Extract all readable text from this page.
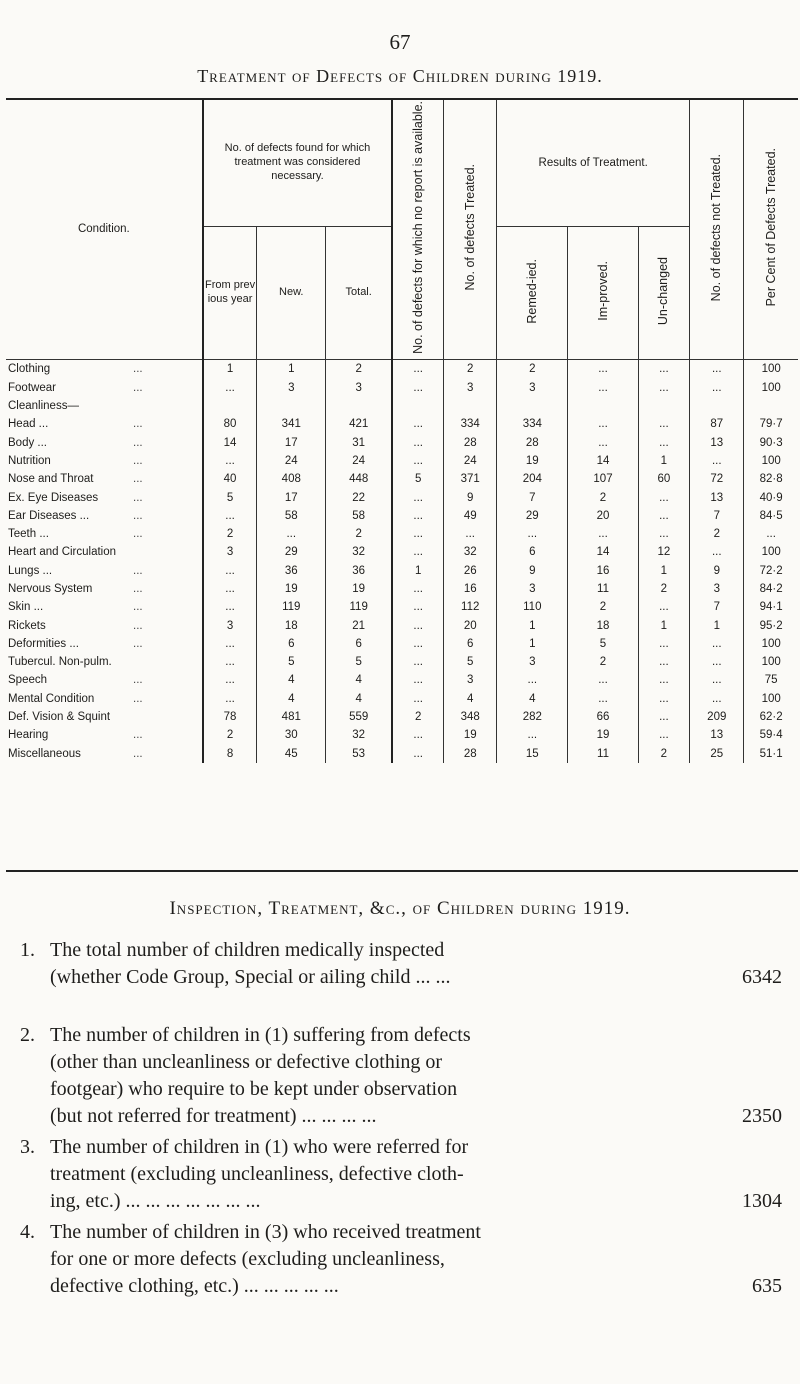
67
Treatment of Defects of Children during 1919.
Condition.	No. of defects found for which treatment was considered necessary.			No. of defects for which no report is available.	No. of defects Treated.	Results of Treatment.			No. of defects not Treated.	Per Cent of Defects Treated.
	From prev ious year	New.	Total.			Remed-ied.	Im-proved.	Un-changed		
Clothing ...	1	1	2	...	2	2	...	...	...	100
Footwear ...	...	3	3	...	3	3	...	...	...	100
Cleanliness—										
Head ... ...	80	341	421	...	334	334	...	...	87	79·7
Body ... ...	14	17	31	...	28	28	...	...	13	90·3
Nutrition ...	...	24	24	...	24	19	14	1	...	100
Nose and Throat ...	40	408	448	5	371	204	107	60	72	82·8
Ex. Eye Diseases ...	5	17	22	...	9	7	2	...	13	40·9
Ear Diseases ... ...	...	58	58	...	49	29	20	...	7	84·5
Teeth ... ...	2	...	2	...	...	...	...	...	2	...
Heart and Circulation	3	29	32	...	32	6	14	12	...	100
Lungs ... ...	...	36	36	1	26	9	16	1	9	72·2
Nervous System ...	...	19	19	...	16	3	11	2	3	84·2
Skin ... ...	...	119	119	...	112	110	2	...	7	94·1
Rickets ...	3	18	21	...	20	1	18	1	1	95·2
Deformities ... ...	...	6	6	...	6	1	5	...	...	100
Tubercul. Non-pulm.	...	5	5	...	5	3	2	...	...	100
Speech ...	...	4	4	...	3	...	...	...	...	75
Mental Condition ...	...	4	4	...	4	4	...	...	...	100
Def. Vision & Squint	78	481	559	2	348	282	66	...	209	62·2
Hearing ...	2	30	32	...	19	...	19	...	13	59·4
Miscellaneous ...	8	45	53	...	28	15	11	2	25	51·1
Inspection, Treatment, &c., of Children during 1919.
1. The total number of children medically inspected
(whether Code Group, Special or ailing child ... ...	6342
2. The number of children in (1) suffering from defects
(other than uncleanliness or defective clothing or
footgear) who require to be kept under observation
(but not referred for treatment) ... ... ... ...	2350
3. The number of children in (1) who were referred for
treatment (excluding uncleanliness, defective cloth-
ing, etc.) ... ... ... ... ... ... ...	1304
4. The number of children in (3) who received treatment
for one or more defects (excluding uncleanliness,
defective clothing, etc.) ... ... ... ... ...	635
